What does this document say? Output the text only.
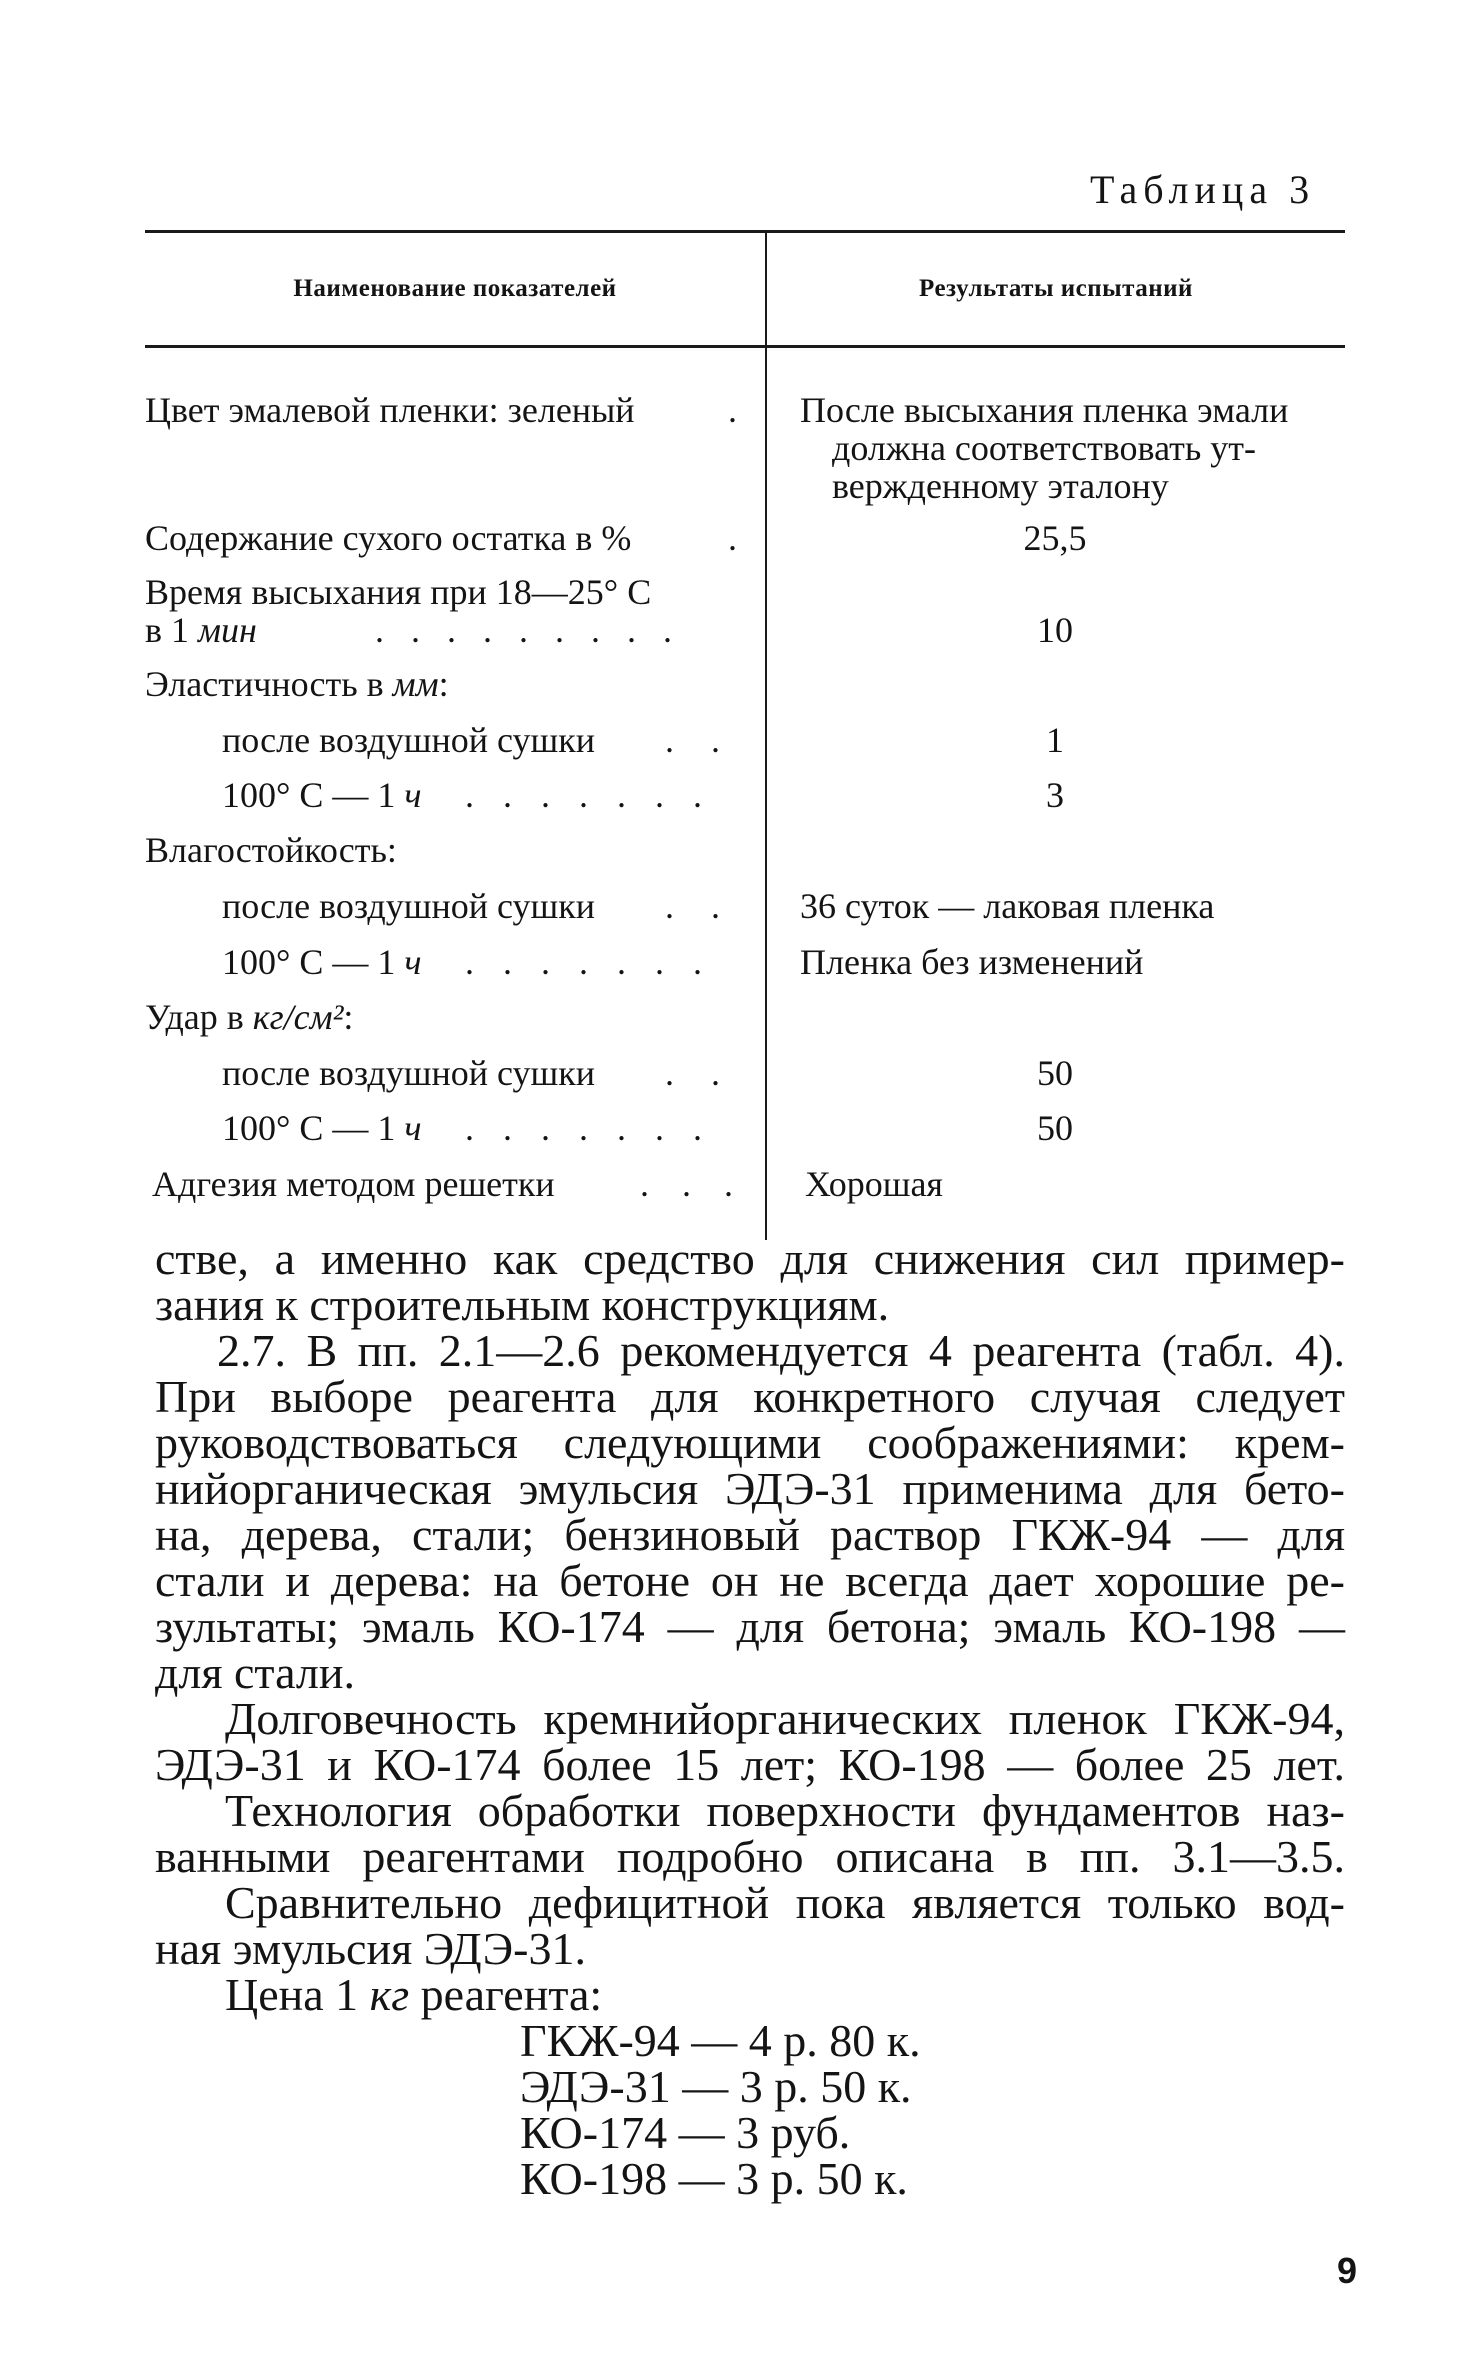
Таблица 3
Наименование показателей	Результаты испытаний
Цвет эмалевой пленки: зеленый	. После высыхания пленка эмали
должна соответствовать ут-
вержденному эталону
Содержание сухого остатка в %	.	25,5
Время высыхания при 18—25° С
в 1 мин	. . . . . . . . .	10
Эластичность в мм:
после воздушной сушки . .	1
100° С — 1 ч . . . . . . .	3
Влагостойкость:
после воздушной сушки . . 36 суток — лаковая пленка
100° С — 1 ч . . . . . . . Пленка без изменений
Удар в кг/см²:
после воздушной сушки . .	50
100° С — 1 ч . . . . . . .	50
Адгезия методом решетки . . . Хорошая

стве, а именно как средство для снижения сил пример-

зания к строительным конструкциям.

2.7. В пп. 2.1—2.6 рекомендуется 4 реагента (табл. 4).

При выборе реагента для конкретного случая следует

руководствоваться следующими соображениями: крем-

нийорганическая эмульсия ЭДЭ-31 применима для бето-

на, дерева, стали; бензиновый раствор ГКЖ-94 — для

стали и дерева: на бетоне он не всегда дает хорошие ре-

зультаты; эмаль КО-174 — для бетона; эмаль КО-198 —

для стали.

Долговечность кремнийорганических пленок ГКЖ-94,

ЭДЭ-31 и КО-174 более 15 лет; КО-198 — более 25 лет.

Технология обработки поверхности фундаментов наз-

ванными реагентами подробно описана в пп. 3.1—3.5.

Сравнительно дефицитной пока является только вод-

ная эмульсия ЭДЭ-31.

Цена 1 кг реагента:

ГКЖ-94 — 4 р. 80 к.
ЭДЭ-31 — 3 р. 50 к.
КО-174 — 3 руб.
КО-198 — 3 р. 50 к.
9
